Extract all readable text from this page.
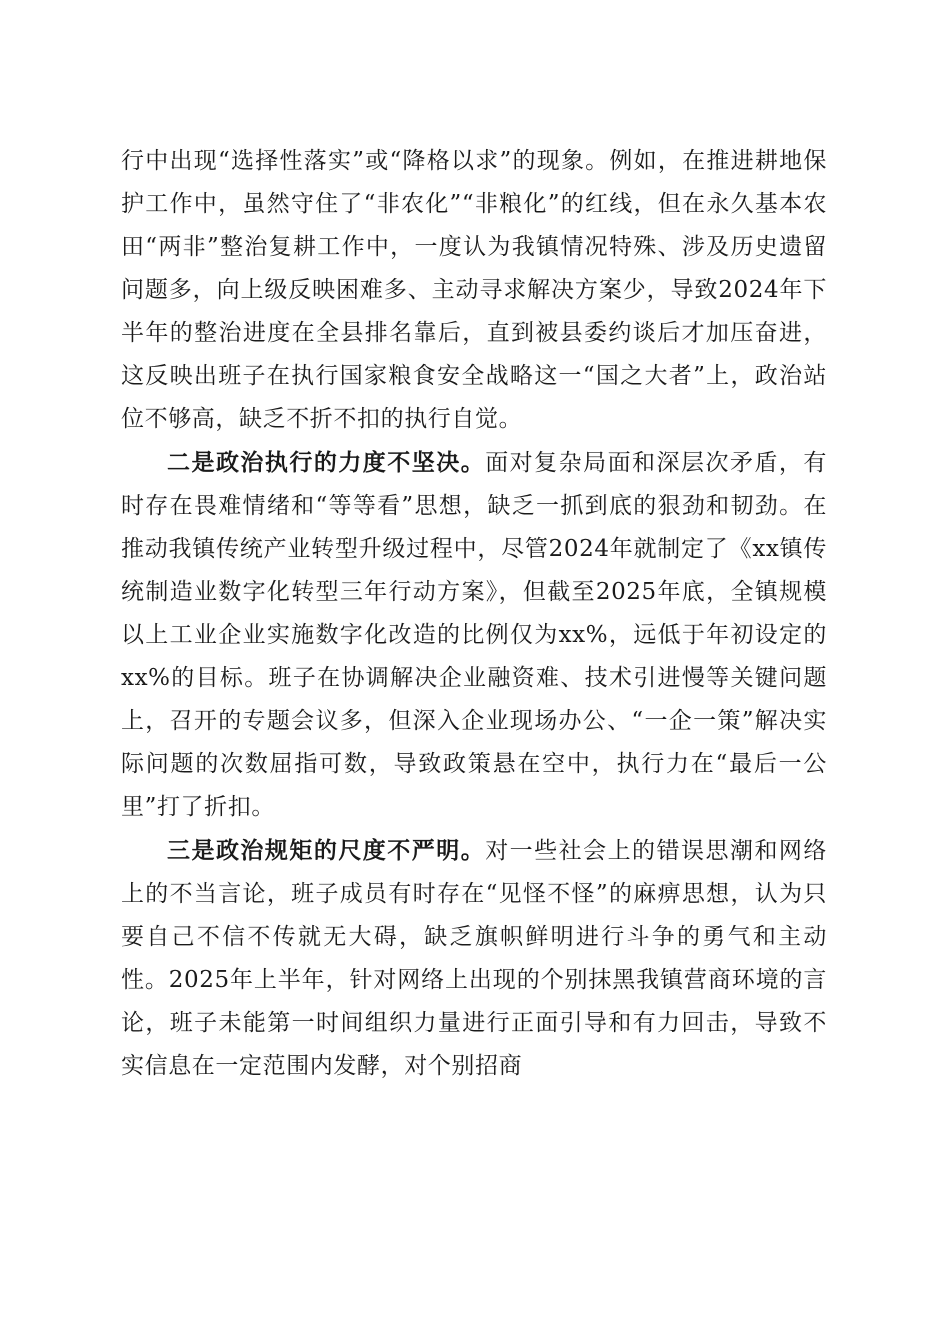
行中出现“选择性落实”或“降格以求”的现象。例如，在推进耕地保护工作中，虽然守住了“非农化”“非粮化”的红线，但在永久基本农田“两非”整治复耕工作中，一度认为我镇情况特殊、涉及历史遗留问题多，向上级反映困难多、主动寻求解决方案少，导致2024年下半年的整治进度在全县排名靠后，直到被县委约谈后才加压奋进，这反映出班子在执行国家粮食安全战略这一“国之大者”上，政治站位不够高，缺乏不折不扣的执行自觉。

二是政治执行的力度不坚决。面对复杂局面和深层次矛盾，有时存在畏难情绪和“等等看”思想，缺乏一抓到底的狠劲和韧劲。在推动我镇传统产业转型升级过程中，尽管2024年就制定了《xx镇传统制造业数字化转型三年行动方案》，但截至2025年底，全镇规模以上工业企业实施数字化改造的比例仅为xx%，远低于年初设定的xx%的目标。班子在协调解决企业融资难、技术引进慢等关键问题上，召开的专题会议多，但深入企业现场办公、“一企一策”解决实际问题的次数屈指可数，导致政策悬在空中，执行力在“最后一公里”打了折扣。

三是政治规矩的尺度不严明。对一些社会上的错误思潮和网络上的不当言论，班子成员有时存在“见怪不怪”的麻痹思想，认为只要自己不信不传就无大碍，缺乏旗帜鲜明进行斗争的勇气和主动性。2025年上半年，针对网络上出现的个别抹黑我镇营商环境的言论，班子未能第一时间组织力量进行正面引导和有力回击，导致不实信息在一定范围内发酵，对个别招商
